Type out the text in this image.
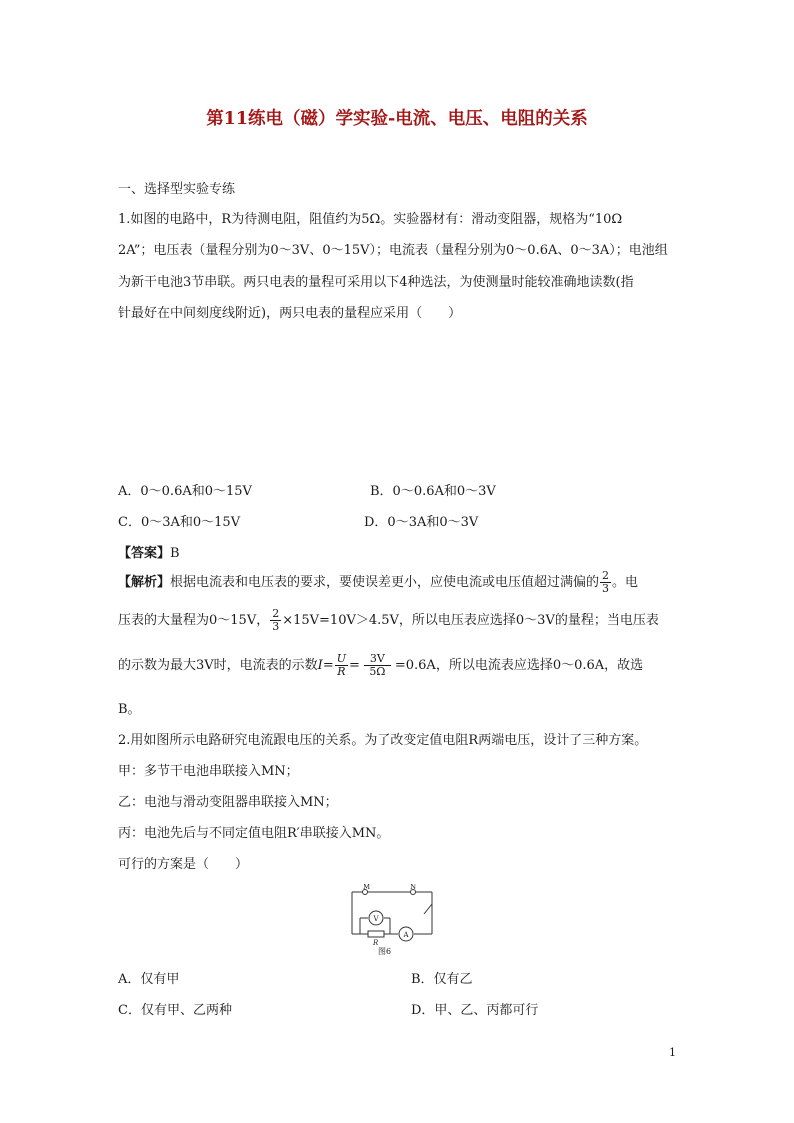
第11练电（磁）学实验-电流、电压、电阻的关系
一、选择型实验专练
1.如图的电路中，R为待测电阻，阻值约为5Ω。实验器材有：滑动变阻器，规格为“10Ω
2A”；电压表（量程分别为0～3V、0～15V）；电流表（量程分别为0～0.6A、0～3A）；电池组
为新干电池3节串联。两只电表的量程可采用以下4种选法，为使测量时能较准确地读数(指
针最好在中间刻度线附近)，两只电表的量程应采用（　　）
A．0～0.6A和0～15V	B．0～0.6A和0～3V
C．0～3A和0～15V	D．0～3A和0～3V
【答案】B
【解析】根据电流表和电压表的要求，要使误差更小，应使电流或电压值超过满偏的 $\frac{2}{3}$ 。电
压表的大量程为0～15V， $\frac{2}{3} \times 15V=10V>4.5V$，所以电压表应选择0～3V的量程；当电压表
的示数为最大3V时，电流表的示数$I= \frac{U}{R} = \frac{3V}{5\Omega} =0.6A$，所以电流表应选择0～0.6A，故选
B。
2.用如图所示电路研究电流跟电压的关系。为了改变定值电阻R两端电压，设计了三种方案。
甲：多节干电池串联接入MN；
乙：电池与滑动变阻器串联接入MN；
丙：电池先后与不同定值电阻R′串联接入MN。
可行的方案是（　　）
M	N
V
A
R
图6
A．仅有甲	B．仅有乙
C．仅有甲、乙两种	D．甲、乙、丙都可行
1
